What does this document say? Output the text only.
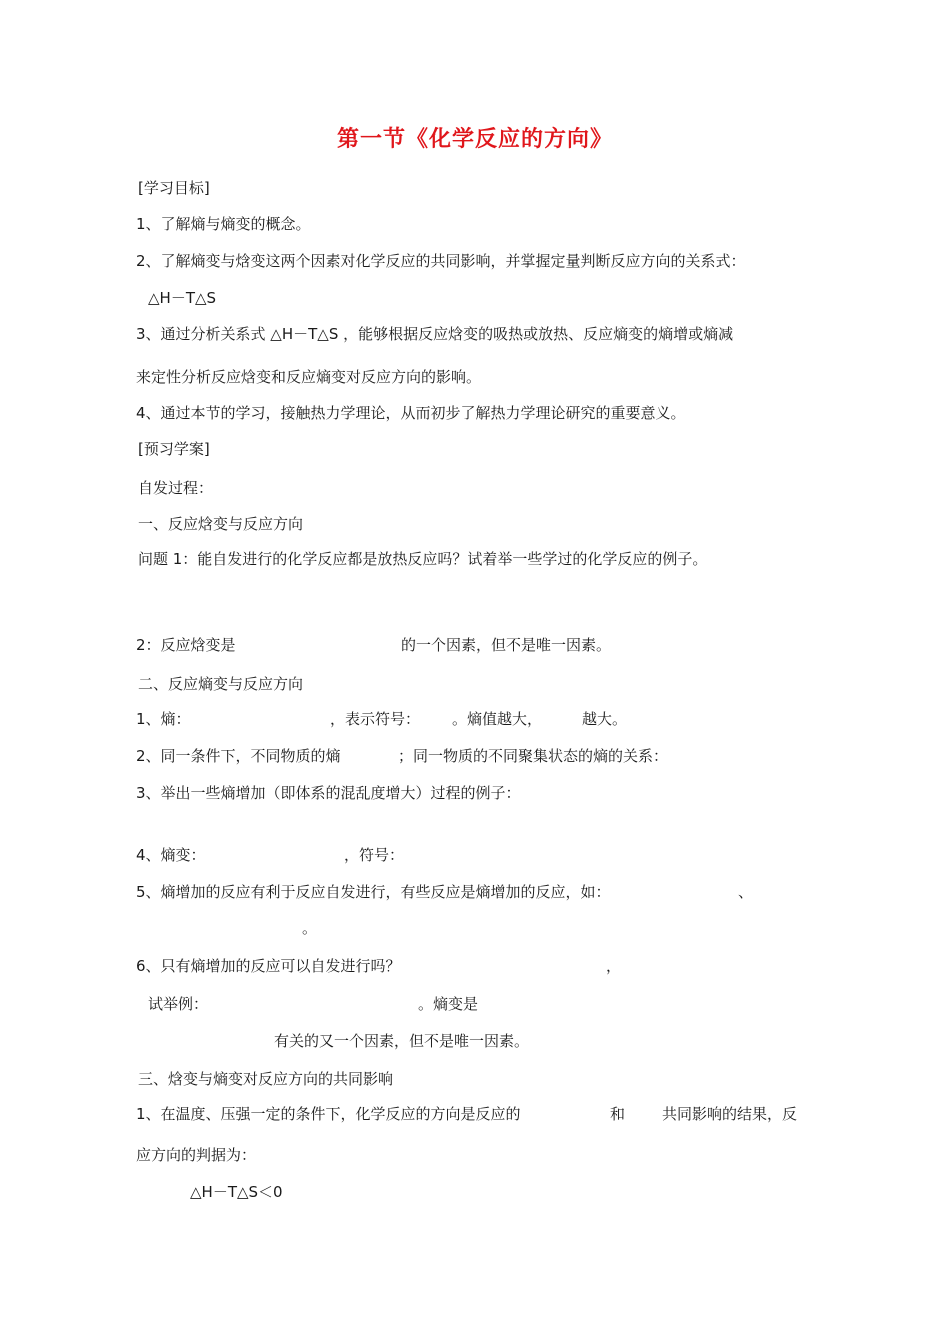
第一节《化学反应的方向》
[学习目标]
1、了解熵与熵变的概念。
2、了解熵变与焓变这两个因素对化学反应的共同影响，并掌握定量判断反应方向的关系式：
△H－T△S
3、通过分析关系式 △H－T△S ，能够根据反应焓变的吸热或放热、反应熵变的熵增或熵减
来定性分析反应焓变和反应熵变对反应方向的影响。
4、通过本节的学习，接触热力学理论，从而初步了解热力学理论研究的重要意义。
[预习学案]
自发过程：
一、反应焓变与反应方向
问题 1：能自发进行的化学反应都是放热反应吗？试着举一些学过的化学反应的例子。
2：反应焓变是	的一个因素，但不是唯一因素。
二、反应熵变与反应方向
1、熵：	，表示符号： 。熵值越大，	越大。
2、同一条件下，不同物质的熵	；同一物质的不同聚集状态的熵的关系：
3、举出一些熵增加（即体系的混乱度增大）过程的例子：
4、熵变：	，符号：
5、熵增加的反应有利于反应自发进行，有些反应是熵增加的反应，如：	、
。
6、只有熵增加的反应可以自发进行吗？	，
试举例：	。熵变是
有关的又一个因素，但不是唯一因素。
三、焓变与熵变对反应方向的共同影响
1、在温度、压强一定的条件下，化学反应的方向是反应的	和 共同影响的结果，反
应方向的判据为：
△H－T△S＜0
